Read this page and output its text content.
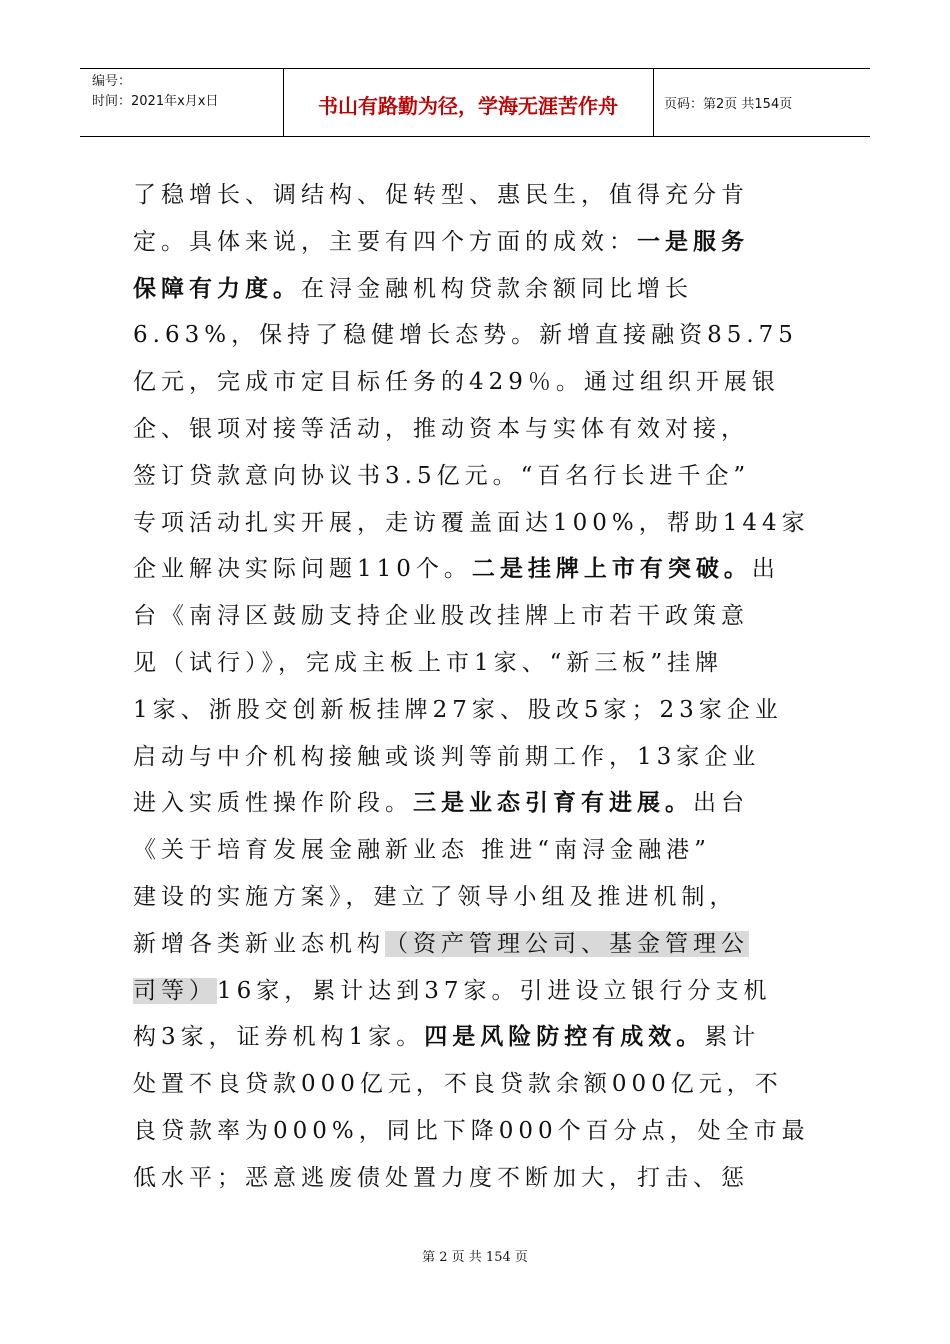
编号：
时间：2021年x月x日	书山有路勤为径，学海无涯苦作舟	页码：第2页 共154页
了稳增长、调结构、促转型、惠民生，值得充分肯
定。具体来说，主要有四个方面的成效：一是服务
保障有力度。在浔金融机构贷款余额同比增长
6.63%，保持了稳健增长态势。新增直接融资85.75
亿元，完成市定目标任务的429％。通过组织开展银
企、银项对接等活动，推动资本与实体有效对接，
签订贷款意向协议书3.5亿元。“百名行长进千企”
专项活动扎实开展，走访覆盖面达100%，帮助144家
企业解决实际问题110个。二是挂牌上市有突破。出
台《南浔区鼓励支持企业股改挂牌上市若干政策意
见（试行）》，完成主板上市1家、“新三板”挂牌
1家、浙股交创新板挂牌27家、股改5家；23家企业
启动与中介机构接触或谈判等前期工作，13家企业
进入实质性操作阶段。三是业态引育有进展。出台
《关于培育发展金融新业态 推进“南浔金融港”
建设的实施方案》，建立了领导小组及推进机制，
新增各类新业态机构（资产管理公司、基金管理公
司等）16家，累计达到37家。引进设立银行分支机
构3家，证券机构1家。四是风险防控有成效。累计
处置不良贷款000亿元，不良贷款余额000亿元，不
良贷款率为000%，同比下降000个百分点，处全市最
低水平；恶意逃废债处置力度不断加大，打击、惩
第 2 页 共 154 页
